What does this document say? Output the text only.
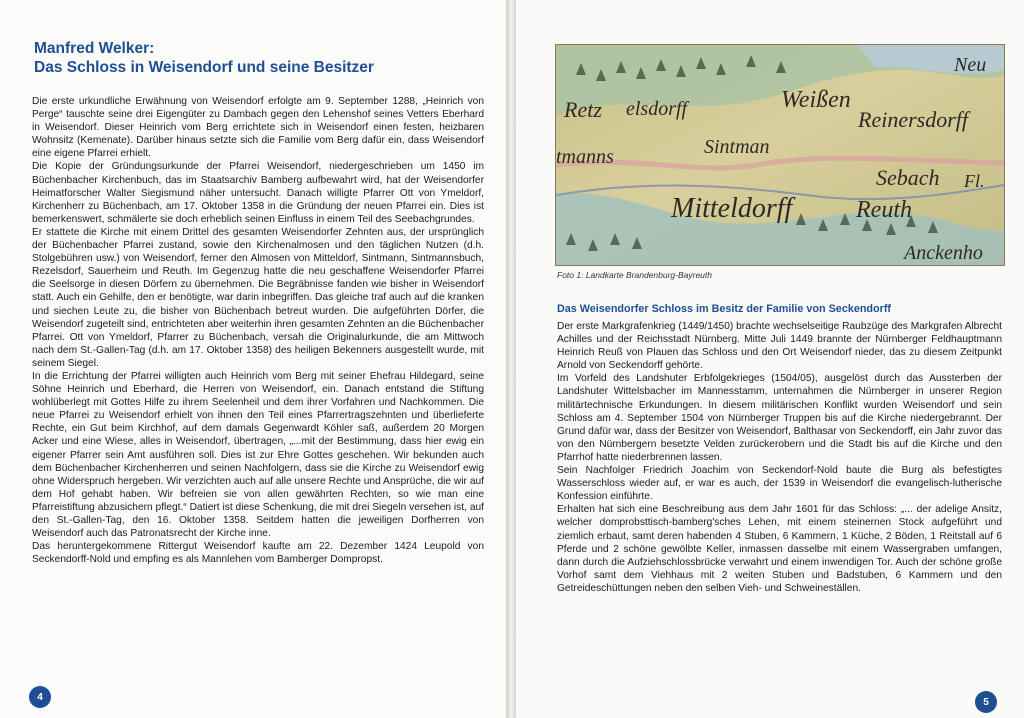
Manfred Welker:
Das Schloss in Weisendorf und seine Besitzer

Die erste urkundliche Erwähnung von Weisendorf erfolgte am 9. September 1288, „Heinrich von Perge“ tauschte seine drei Eigengüter zu Dambach gegen den Lehenshof seines Vetters Eberhard in Weisendorf. Dieser Heinrich vom Berg errichtete sich in Weisendorf einen festen, heizbaren Wohnsitz (Kemenate). Darüber hinaus setzte sich die Familie vom Berg dafür ein, dass Weisendorf eine eigene Pfarrei erhielt.

Die Kopie der Gründungsurkunde der Pfarrei Weisendorf, niedergeschrieben um 1450 im Büchenbacher Kirchenbuch, das im Staatsarchiv Bamberg aufbewahrt wird, hat der Weisendorfer Heimatforscher Walter Siegismund näher untersucht. Danach willigte Pfarrer Ott von Ymeldorf, Kirchenherr zu Büchenbach, am 17. Oktober 1358 in die Gründung der neuen Pfarrei ein. Dies ist bemerkenswert, schmälerte sie doch erheblich seinen Einfluss in einem Teil des Seebachgrundes.

Er stattete die Kirche mit einem Drittel des gesamten Weisendorfer Zehnten aus, der ursprünglich der Büchenbacher Pfarrei zustand, sowie den Kirchenalmosen und den täglichen Nutzen (d.h. Stolgebühren usw.) von Weisendorf, ferner den Almosen von Mitteldorf, Sintmann, Sintmannsbuch, Rezelsdorf, Sauerheim und Reuth. Im Gegenzug hatte die neu geschaffene Weisendorfer Pfarrei die Seelsorge in diesen Dörfern zu übernehmen. Die Begräbnisse fanden wie bisher in Weisendorf statt. Auch ein Gehilfe, den er benötigte, war darin inbegriffen. Das gleiche traf auch auf die kranken und siechen Leute zu, die bisher von Büchenbach betreut wurden. Die aufgeführten Dörfer, die Weisendorf zugeteilt sind, entrichteten aber weiterhin ihren gesamten Zehnten an die Büchenbacher Pfarrei. Ott von Ymeldorf, Pfarrer zu Büchenbach, versah die Originalurkunde, die am Mittwoch nach dem St.-Gallen-Tag (d.h. am 17. Oktober 1358) des heiligen Bekenners ausgestellt wurde, mit seinem Siegel.

In die Errichtung der Pfarrei willigten auch Heinrich vom Berg mit seiner Ehefrau Hildegard, seine Söhne Heinrich und Eberhard, die Herren von Weisendorf, ein. Danach entstand die Stiftung wohlüberlegt mit Gottes Hilfe zu ihrem Seelenheil und dem ihrer Vorfahren und Nachkommen. Die neue Pfarrei zu Weisendorf erhielt von ihnen den Teil eines Pfarrertragszehnten und überlieferte Rechte, ein Gut beim Kirchhof, auf dem damals Gegenwardt Köhler saß, außerdem 20 Morgen Acker und eine Wiese, alles in Weisendorf, übertragen, „...mit der Bestimmung, dass hier ewig ein eigener Pfarrer sein Amt ausführen soll. Dies ist zur Ehre Gottes geschehen. Wir bekunden auch dem Büchenbacher Kirchenherren und seinen Nachfolgern, dass sie die Kirche zu Weisendorf ewig ohne Widerspruch hergeben. Wir verzichten auch auf alle unsere Rechte und Ansprüche, die wir auf dem Hof gehabt haben. Wir befreien sie von allen gewährten Rechten, so wie man eine Pfarreistiftung abzusichern pflegt.“ Datiert ist diese Schenkung, die mit drei Siegeln versehen ist, auf den St.-Gallen-Tag, den 16. Oktober 1358. Seitdem hatten die jeweiligen Dorfherren von Weisendorf auch das Patronatsrecht der Kirche inne.

Das heruntergekommene Rittergut Weisendorf kaufte am 22. Dezember 1424 Leupold von Seckendorff-Nold und empfing es als Mannlehen vom Bamberger Dompropst.

4
Retz elsdorff	Weißen
Reinersdorff
Neu
Sintman
tmanns
Sebach Fl.
Mitteldorff	Reuth
Anckenho

Foto 1: Landkarte Brandenburg-Bayreuth

Das Weisendorfer Schloss im Besitz der Familie von Seckendorff

Der erste Markgrafenkrieg (1449/1450) brachte wechselseitige Raubzüge des Markgrafen Albrecht Achilles und der Reichsstadt Nürnberg. Mitte Juli 1449 brannte der Nürnberger Feldhauptmann Heinrich Reuß von Plauen das Schloss und den Ort Weisendorf nieder, das zu diesem Zeitpunkt Arnold von Seckendorff gehörte.

Im Vorfeld des Landshuter Erbfolgekrieges (1504/05), ausgelöst durch das Aussterben der Landshuter Wittelsbacher im Mannesstamm, unternahmen die Nürnberger in unserer Region militärtechnische Erkundungen. In diesem militärischen Konflikt wurden Weisendorf und sein Schloss am 4. September 1504 von Nürnberger Truppen bis auf die Kirche niedergebrannt. Der Grund dafür war, dass der Besitzer von Weisendorf, Balthasar von Seckendorff, ein Jahr zuvor das von den Nürnbergern besetzte Velden zurückerobern und die Stadt bis auf die Kirche und den Pfarrhof hatte niederbrennen lassen.

Sein Nachfolger Friedrich Joachim von Seckendorf-Nold baute die Burg als befestigtes Wasserschloss wieder auf, er war es auch, der 1539 in Weisendorf die evangelisch-lutherische Konfession einführte.

Erhalten hat sich eine Beschreibung aus dem Jahr 1601 für das Schloss: „... der adelige Ansitz, welcher domprobsttisch-bamberg'sches Lehen, mit einem steinernen Stock aufgeführt und ziemlich erbaut, samt deren habenden 4 Stuben, 6 Kammern, 1 Küche, 2 Böden, 1 Reitstall auf 6 Pferde und 2 schöne gewölbte Keller, inmassen dasselbe mit einem Wassergraben umfangen, dann durch die Aufziehschlossbrücke verwahrt und einem inwendigen Tor. Auch der schöne große Vorhof samt dem Viehhaus mit 2 weiten Stuben und Badstuben, 6 Kammern und den Getreideschüttungen neben den selben Vieh- und Schweineställen.

5
